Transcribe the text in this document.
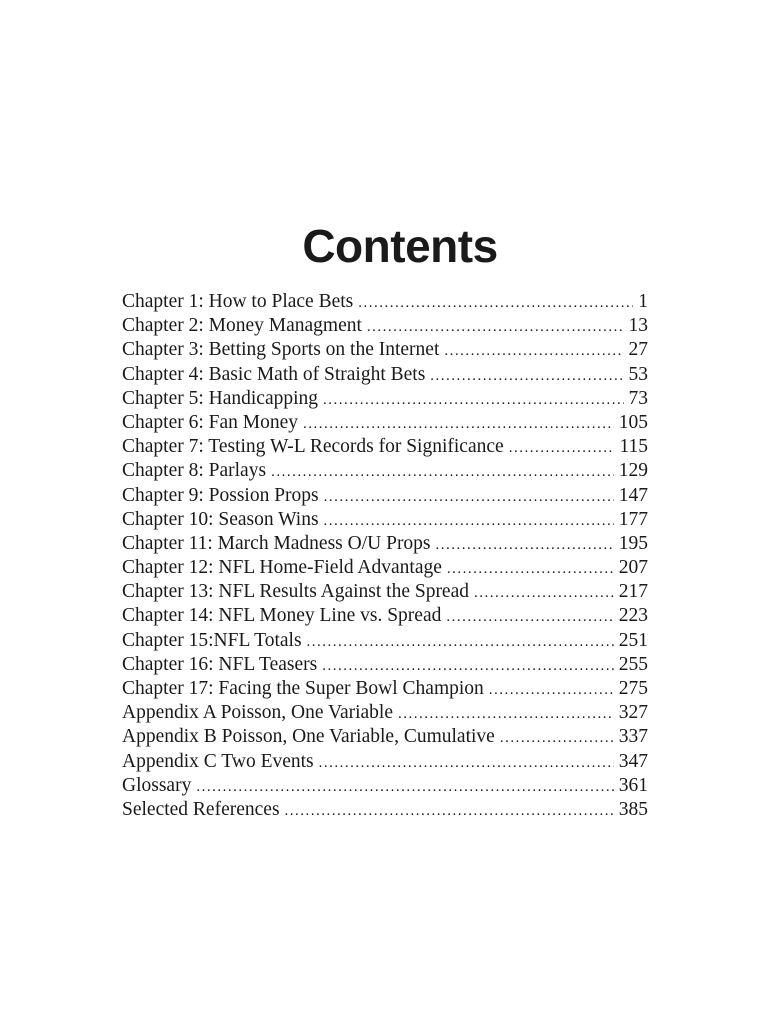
Contents
Chapter 1: How to Place Bets .....	1
Chapter 2: Money Managment .....	13
Chapter 3: Betting Sports on the Internet .....	27
Chapter 4: Basic Math of Straight Bets .....	53
Chapter 5: Handicapping .....	73
Chapter 6: Fan Money .....	105
Chapter 7: Testing W-L Records for Significance .....	115
Chapter 8: Parlays .....	129
Chapter 9: Possion Props .....	147
Chapter 10: Season Wins .....	177
Chapter 11: March Madness O/U Props .....	195
Chapter 12: NFL Home-Field Advantage .....	207
Chapter 13: NFL Results Against the Spread .....	217
Chapter 14: NFL Money Line vs. Spread .....	223
Chapter 15:NFL Totals .....	251
Chapter 16: NFL Teasers .....	255
Chapter 17: Facing the Super Bowl Champion .....	275
Appendix A Poisson, One Variable .....	327
Appendix B Poisson, One Variable, Cumulative .....	337
Appendix C Two Events .....	347
Glossary .....	361
Selected References .....	385
